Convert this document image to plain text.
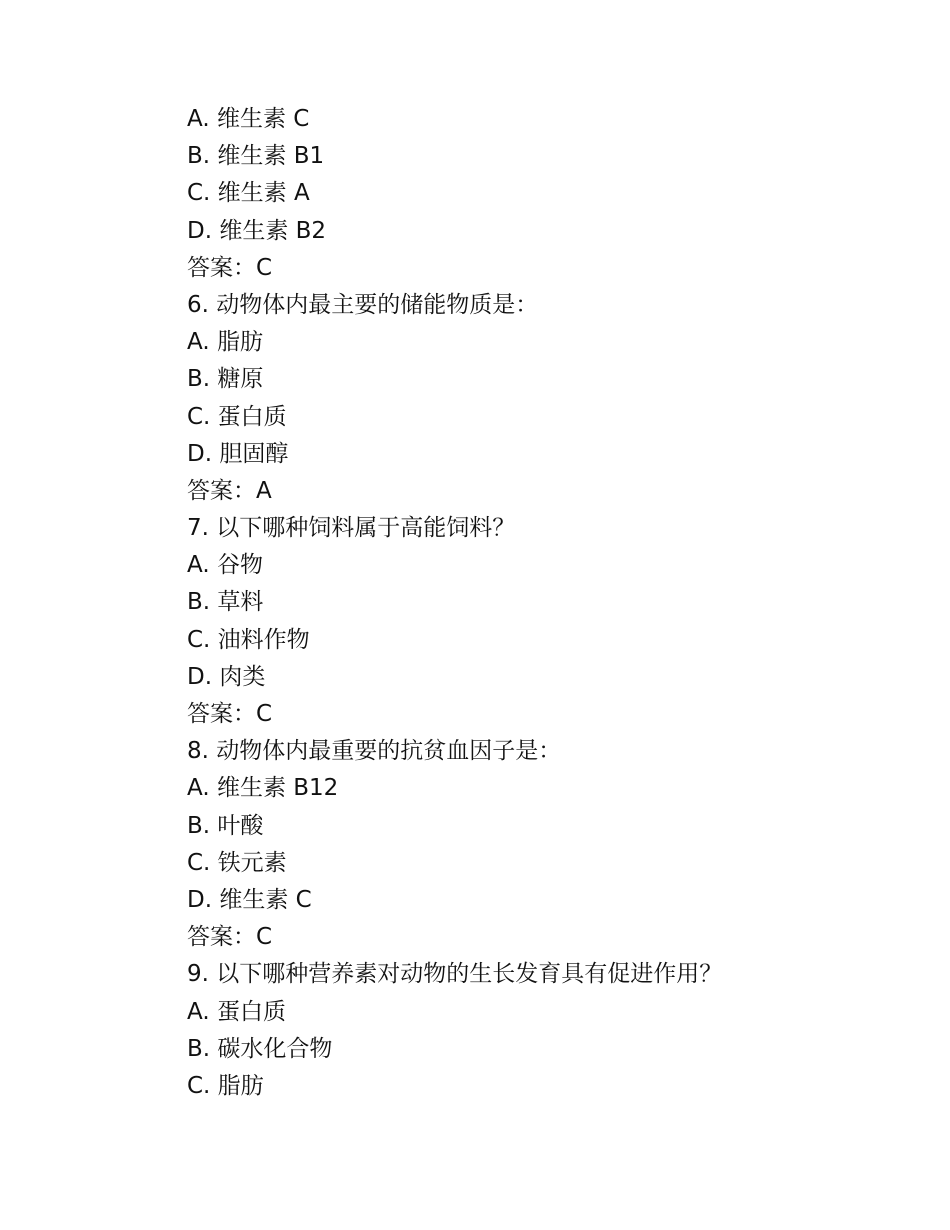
A. 维生素 C
B. 维生素 B1
C. 维生素 A
D. 维生素 B2
答案：C
6. 动物体内最主要的储能物质是：
A. 脂肪
B. 糖原
C. 蛋白质
D. 胆固醇
答案：A
7. 以下哪种饲料属于高能饲料？
A. 谷物
B. 草料
C. 油料作物
D. 肉类
答案：C
8. 动物体内最重要的抗贫血因子是：
A. 维生素 B12
B. 叶酸
C. 铁元素
D. 维生素 C
答案：C
9. 以下哪种营养素对动物的生长发育具有促进作用？
A. 蛋白质
B. 碳水化合物
C. 脂肪
